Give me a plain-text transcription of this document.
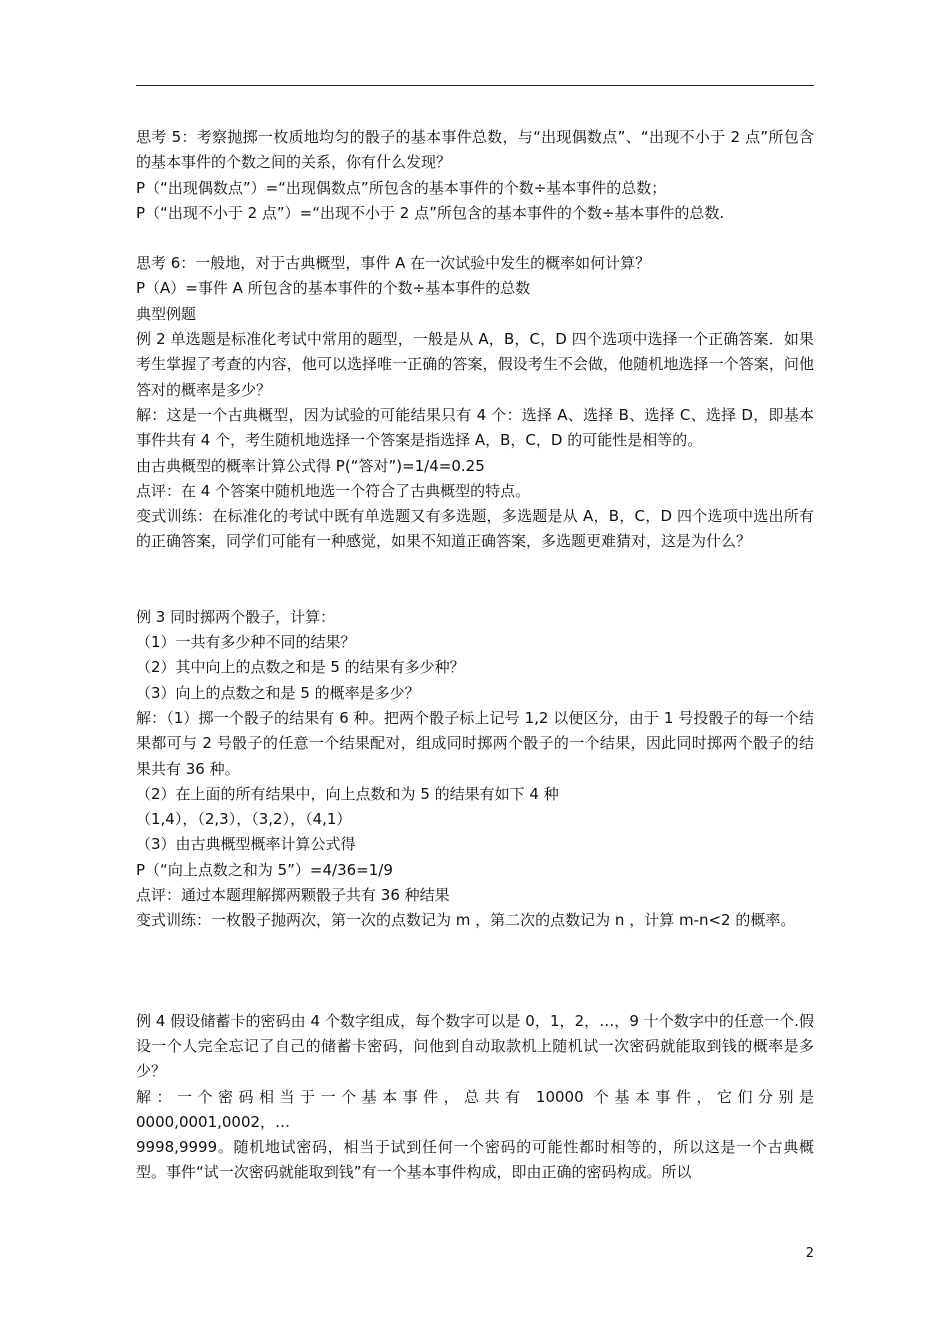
思考 5：考察抛掷一枚质地均匀的骰子的基本事件总数，与“出现偶数点”、“出现不小于 2 点”所包含的基本事件的个数之间的关系，你有什么发现？

P（“出现偶数点”）=“出现偶数点”所包含的基本事件的个数÷基本事件的总数；

P（“出现不小于 2 点”）=“出现不小于 2 点”所包含的基本事件的个数÷基本事件的总数.

思考 6：一般地，对于古典概型，事件 A 在一次试验中发生的概率如何计算？

P（A）=事件 A 所包含的基本事件的个数÷基本事件的总数

典型例题

例 2 单选题是标准化考试中常用的题型，一般是从 A，B，C，D 四个选项中选择一个正确答案．如果考生掌握了考查的内容，他可以选择唯一正确的答案，假设考生不会做，他随机地选择一个答案，问他答对的概率是多少？

解：这是一个古典概型，因为试验的可能结果只有 4 个：选择 A、选择 B、选择 C、选择 D，即基本事件共有 4 个，考生随机地选择一个答案是指选择 A，B，C，D 的可能性是相等的。

由古典概型的概率计算公式得 P(“答对”)=1/4=0.25

点评：在 4 个答案中随机地选一个符合了古典概型的特点。

变式训练：在标准化的考试中既有单选题又有多选题，多选题是从 A，B，C，D 四个选项中选出所有的正确答案，同学们可能有一种感觉，如果不知道正确答案，多选题更难猜对，这是为什么？

例 3 同时掷两个骰子，计算：

（1）一共有多少种不同的结果？

（2）其中向上的点数之和是 5 的结果有多少种？

（3）向上的点数之和是 5 的概率是多少？

解：（1）掷一个骰子的结果有 6 种。把两个骰子标上记号 1,2 以便区分，由于 1 号投骰子的每一个结果都可与 2 号骰子的任意一个结果配对，组成同时掷两个骰子的一个结果，因此同时掷两个骰子的结果共有 36 种。

（2）在上面的所有结果中，向上点数和为 5 的结果有如下 4 种

（1,4），（2,3），（3,2），（4,1）

（3）由古典概型概率计算公式得

P（“向上点数之和为 5”）=4/36=1/9

点评：通过本题理解掷两颗骰子共有 36 种结果

变式训练：一枚骰子抛两次，第一次的点数记为 m ，第二次的点数记为 n ，计算 m-n<2 的概率。

例 4 假设储蓄卡的密码由 4 个数字组成，每个数字可以是 0，1，2，…，9 十个数字中的任意一个.假设一个人完全忘记了自己的储蓄卡密码，问他到自动取款机上随机试一次密码就能取到钱的概率是多少？

解：一个密码相当于一个基本事件，总共有 10000 个基本事件，它们分别是

0000,0001,0002，…

9998,9999。随机地试密码，相当于试到任何一个密码的可能性都时相等的，所以这是一个古典概型。事件“试一次密码就能取到钱”有一个基本事件构成，即由正确的密码构成。所以

2
